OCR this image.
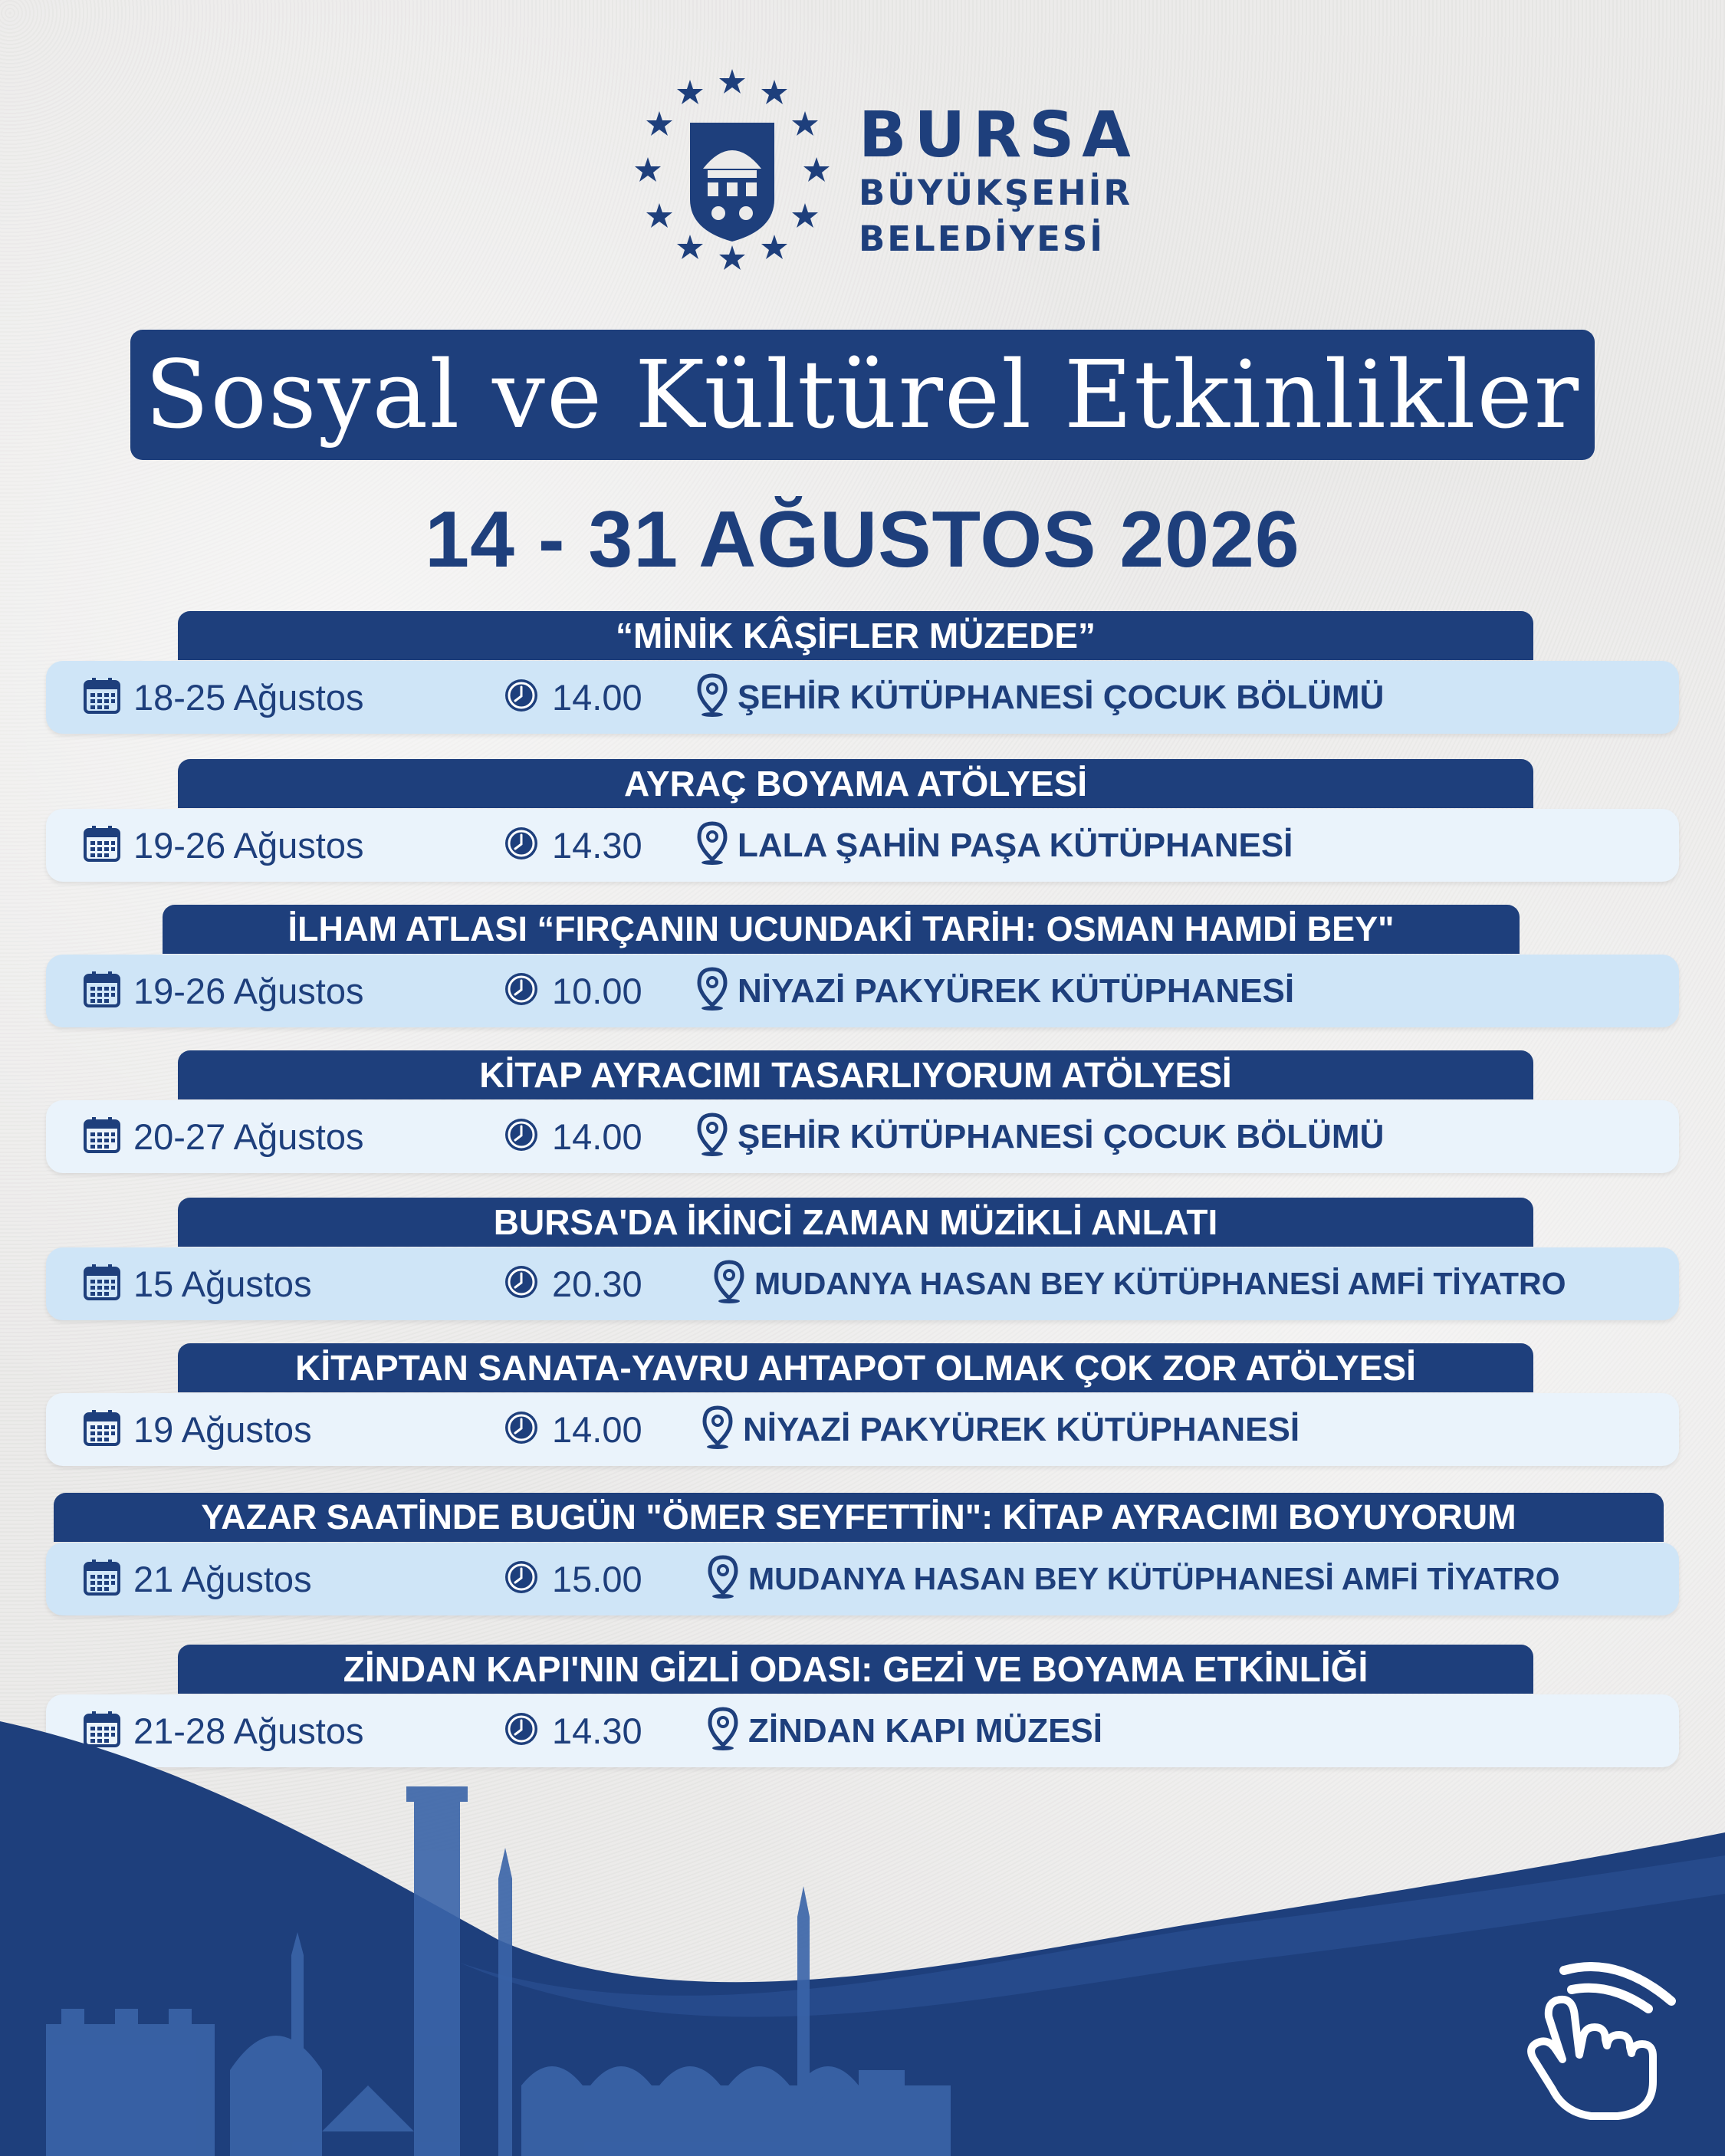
BURSA
BÜYÜKŞEHİR
BELEDİYESİ
Sosyal ve Kültürel Etkinlikler
14 - 31 AĞUSTOS 2026
“MİNİK KÂŞİFLER MÜZEDE”
18-25 Ağustos	14.00	ŞEHİR KÜTÜPHANESİ ÇOCUK BÖLÜMÜ
AYRAÇ BOYAMA ATÖLYESİ
19-26 Ağustos	14.30	LALA ŞAHİN PAŞA KÜTÜPHANESİ
İLHAM ATLASI “FIRÇANIN UCUNDAKİ TARİH: OSMAN HAMDİ BEY"
19-26 Ağustos	10.00	NİYAZİ PAKYÜREK KÜTÜPHANESİ
KİTAP AYRACIMI TASARLIYORUM ATÖLYESİ
20-27 Ağustos	14.00	ŞEHİR KÜTÜPHANESİ ÇOCUK BÖLÜMÜ
BURSA'DA İKİNCİ ZAMAN MÜZİKLİ ANLATI
15 Ağustos	20.30	MUDANYA HASAN BEY KÜTÜPHANESİ AMFİ TİYATRO
KİTAPTAN SANATA-YAVRU AHTAPOT OLMAK ÇOK ZOR ATÖLYESİ
19 Ağustos	14.00	NİYAZİ PAKYÜREK KÜTÜPHANESİ
YAZAR SAATİNDE BUGÜN "ÖMER SEYFETTİN": KİTAP AYRACIMI BOYUYORUM
21 Ağustos	15.00	MUDANYA HASAN BEY KÜTÜPHANESİ AMFİ TİYATRO
ZİNDAN KAPI'NIN GİZLİ ODASI: GEZİ VE BOYAMA ETKİNLİĞİ
21-28 Ağustos	14.30	ZİNDAN KAPI MÜZESİ
